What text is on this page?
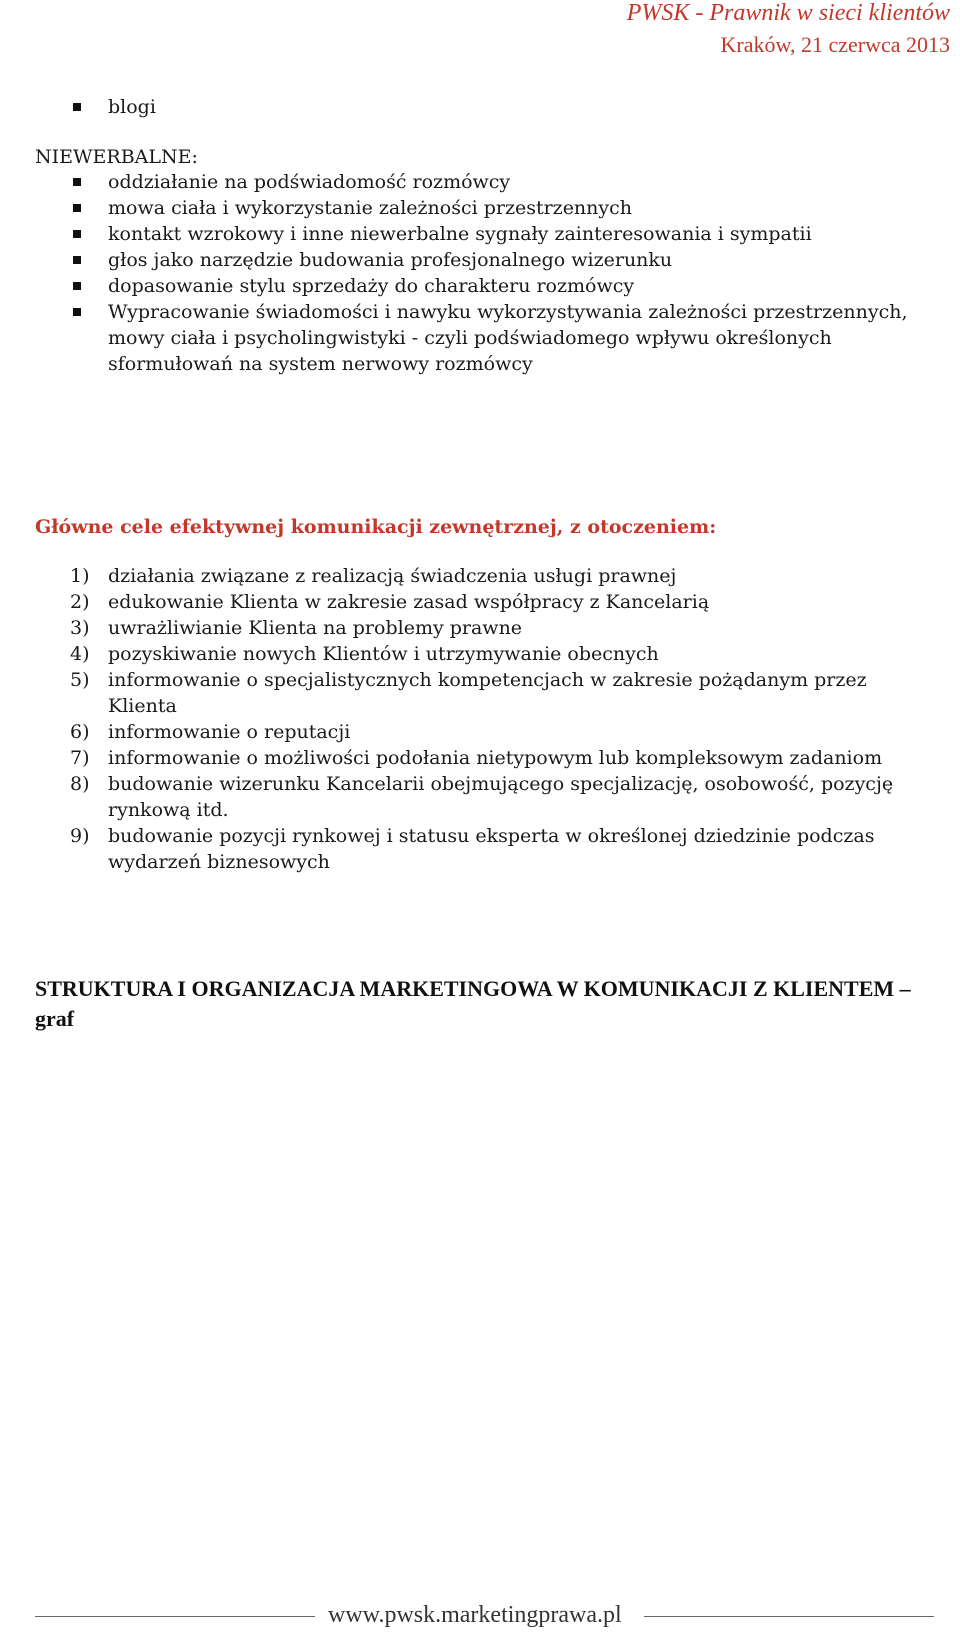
PWSK - Prawnik w sieci klientów
Kraków, 21 czerwca 2013
blogi
NIEWERBALNE:
oddziałanie na podświadomość rozmówcy
mowa ciała i wykorzystanie zależności przestrzennych
kontakt wzrokowy i inne niewerbalne sygnały zainteresowania i sympatii
głos jako narzędzie budowania profesjonalnego wizerunku
dopasowanie stylu sprzedaży do charakteru rozmówcy
Wypracowanie świadomości i nawyku wykorzystywania zależności przestrzennych, mowy ciała i psycholingwistyki - czyli podświadomego wpływu określonych sformułowań na system nerwowy rozmówcy
Główne cele efektywnej komunikacji zewnętrznej, z otoczeniem:
1) działania związane z realizacją świadczenia usługi prawnej
2) edukowanie Klienta w zakresie zasad współpracy z Kancelarią
3) uwrażliwianie Klienta na problemy prawne
4) pozyskiwanie nowych Klientów i utrzymywanie obecnych
5) informowanie o specjalistycznych kompetencjach w zakresie pożądanym przez Klienta
6) informowanie o reputacji
7) informowanie o możliwości podołania nietypowym lub kompleksowym zadaniom
8) budowanie wizerunku Kancelarii obejmującego specjalizację, osobowość, pozycję rynkową itd.
9) budowanie pozycji rynkowej i statusu eksperta w określonej dziedzinie podczas wydarzeń biznesowych
STRUKTURA I ORGANIZACJA MARKETINGOWA W KOMUNIKACJI Z KLIENTEM – graf
www.pwsk.marketingprawa.pl
